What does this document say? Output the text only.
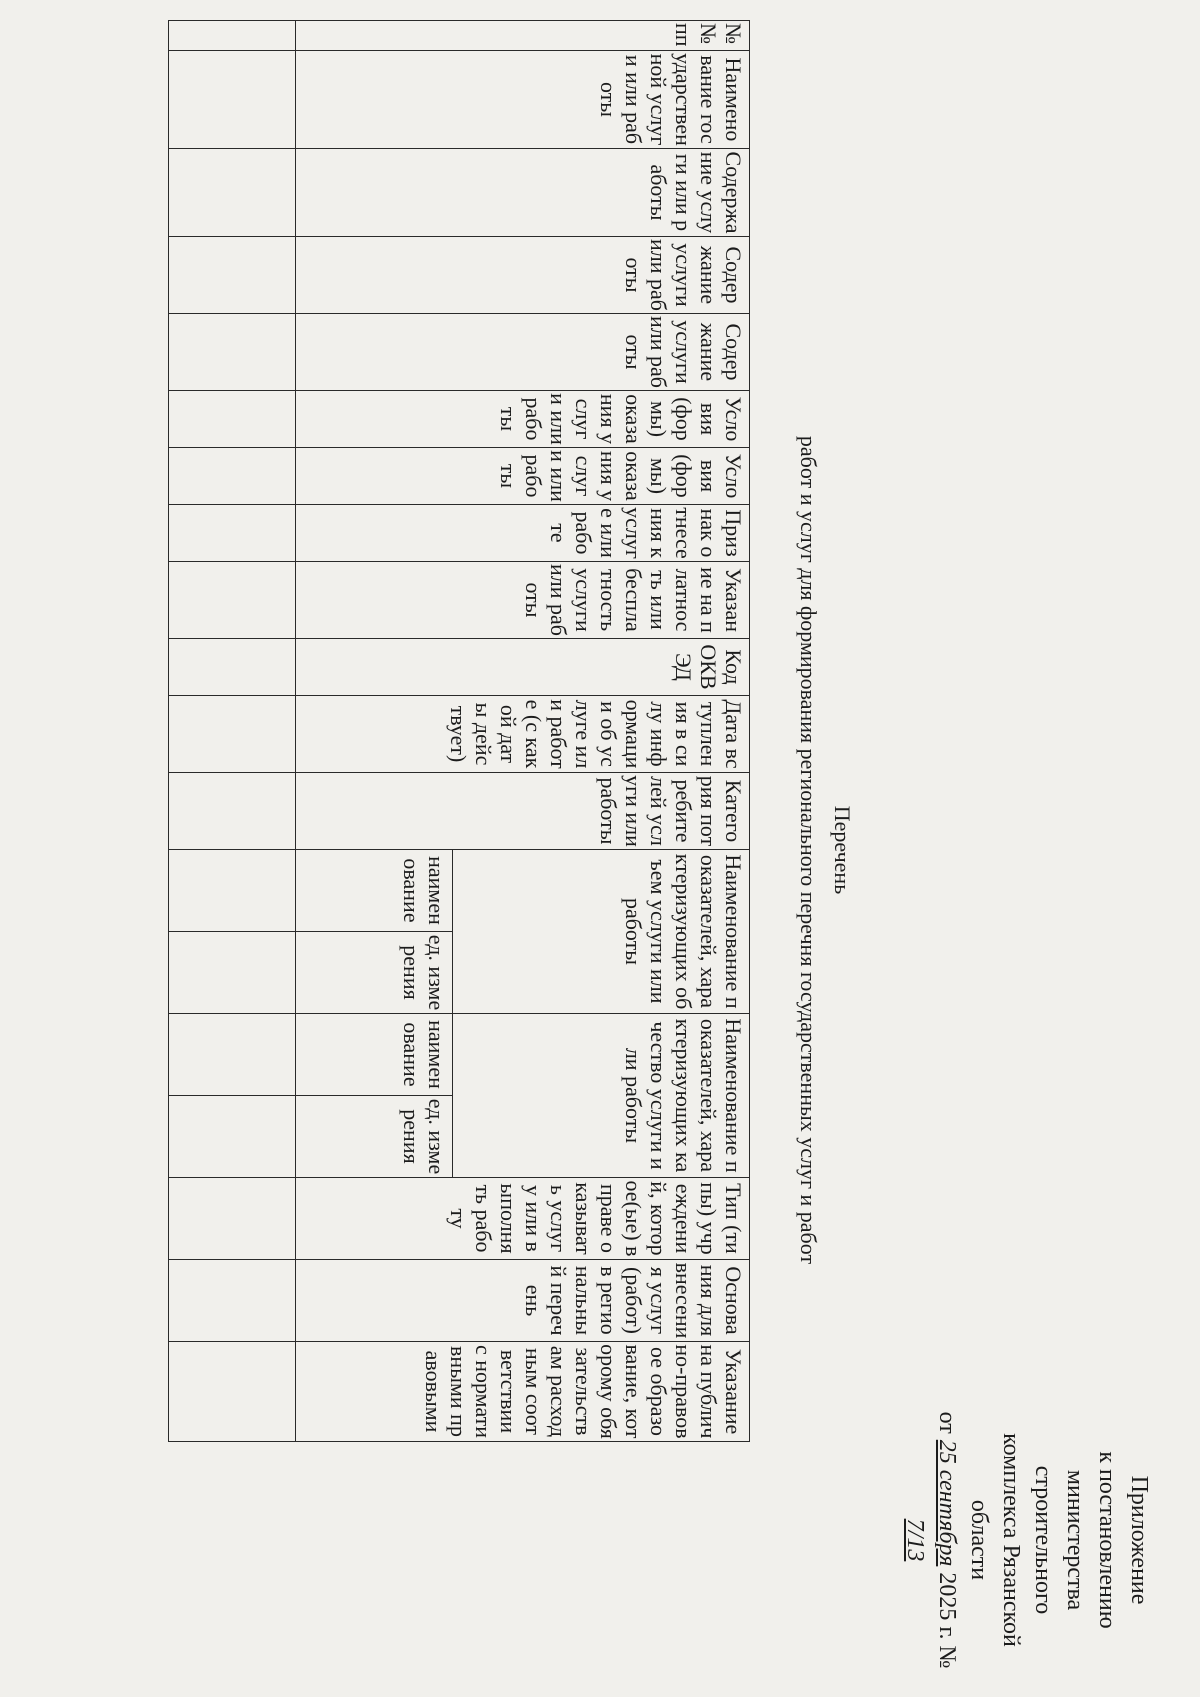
Приложение
к постановлению
министерства строительного
комплекса Рязанской области
от 25 сентября 2025 г. № 7/13
Перечень
работ и услуг для формирования регионального перечня государственных услуг и работ
№№ пп	Наименование государственной услуги или работы	Содержание услуги или работы	Содержание услуги или работы	Содержание услуги или работы	Условия (формы) оказания услуги или работы	Условия (формы) оказания услуги или работы	Признак отнесения к услуге или работе	Указание на платность или бесплатность услуги или работы	Код ОКВЭД	Дата вступления в силу информации об услуге или работе (с какой даты действует)	Категория потребителей услуги или работы	Наименование показателей, характеризующих объем услуги или работы		Наименование показателей, характеризующих качество услуги или работы		Тип (типы) учреждений, которое(ые) вправе оказывать услугу или выполнять работу	Основания для внесения услуг (работ) в региональный перечень	Указание на публично-правовое образование, которому обязательствам расходным соответствии с нормативными правовыми
												наименование	ед. измерения	наименование	ед. измерения			
